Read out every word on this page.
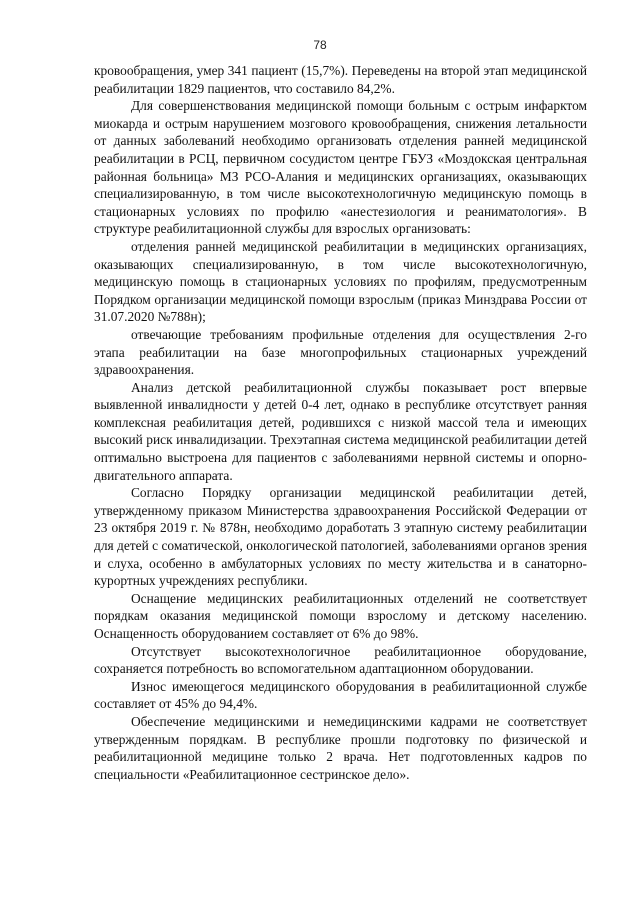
78

кровообращения, умер 341 пациент (15,7%). Переведены на второй этап медицинской реабилитации 1829 пациентов, что составило 84,2%.

Для совершенствования медицинской помощи больным с острым инфарктом миокарда и острым нарушением мозгового кровообращения, снижения летальности от данных заболеваний необходимо организовать отделения ранней медицинской реабилитации в РСЦ, первичном сосудистом центре ГБУЗ «Моздокская центральная районная больница» МЗ РСО-Алания и медицинских организациях, оказывающих специализированную, в том числе высокотехнологичную медицинскую помощь в стационарных условиях по профилю «анестезиология и реаниматология». В структуре реабилитационной службы для взрослых организовать:

отделения ранней медицинской реабилитации в медицинских организациях, оказывающих специализированную, в том числе высокотехнологичную, медицинскую помощь в стационарных условиях по профилям, предусмотренным Порядком организации медицинской помощи взрослым (приказ Минздрава России от 31.07.2020 №788н);

отвечающие требованиям профильные отделения для осуществления 2-го этапа реабилитации на базе многопрофильных стационарных учреждений здравоохранения.

Анализ детской реабилитационной службы показывает рост впервые выявленной инвалидности у детей 0-4 лет, однако в республике отсутствует ранняя комплексная реабилитация детей, родившихся с низкой массой тела и имеющих высокий риск инвалидизации. Трехэтапная система медицинской реабилитации детей оптимально выстроена для пациентов с заболеваниями нервной системы и опорно-двигательного аппарата.

Согласно Порядку организации медицинской реабилитации детей, утвержденному приказом Министерства здравоохранения Российской Федерации от 23 октября 2019 г. № 878н, необходимо доработать 3 этапную систему реабилитации для детей с соматической, онкологической патологией, заболеваниями органов зрения и слуха, особенно в амбулаторных условиях по месту жительства и в санаторно-курортных учреждениях республики.

Оснащение медицинских реабилитационных отделений не соответствует порядкам оказания медицинской помощи взрослому и детскому населению. Оснащенность оборудованием составляет от 6% до 98%.

Отсутствует высокотехнологичное реабилитационное оборудование, сохраняется потребность во вспомогательном адаптационном оборудовании.

Износ имеющегося медицинского оборудования в реабилитационной службе составляет от 45% до 94,4%.

Обеспечение медицинскими и немедицинскими кадрами не соответствует утвержденным порядкам. В республике прошли подготовку по физической и реабилитационной медицине только 2 врача. Нет подготовленных кадров по специальности «Реабилитационное сестринское дело».
